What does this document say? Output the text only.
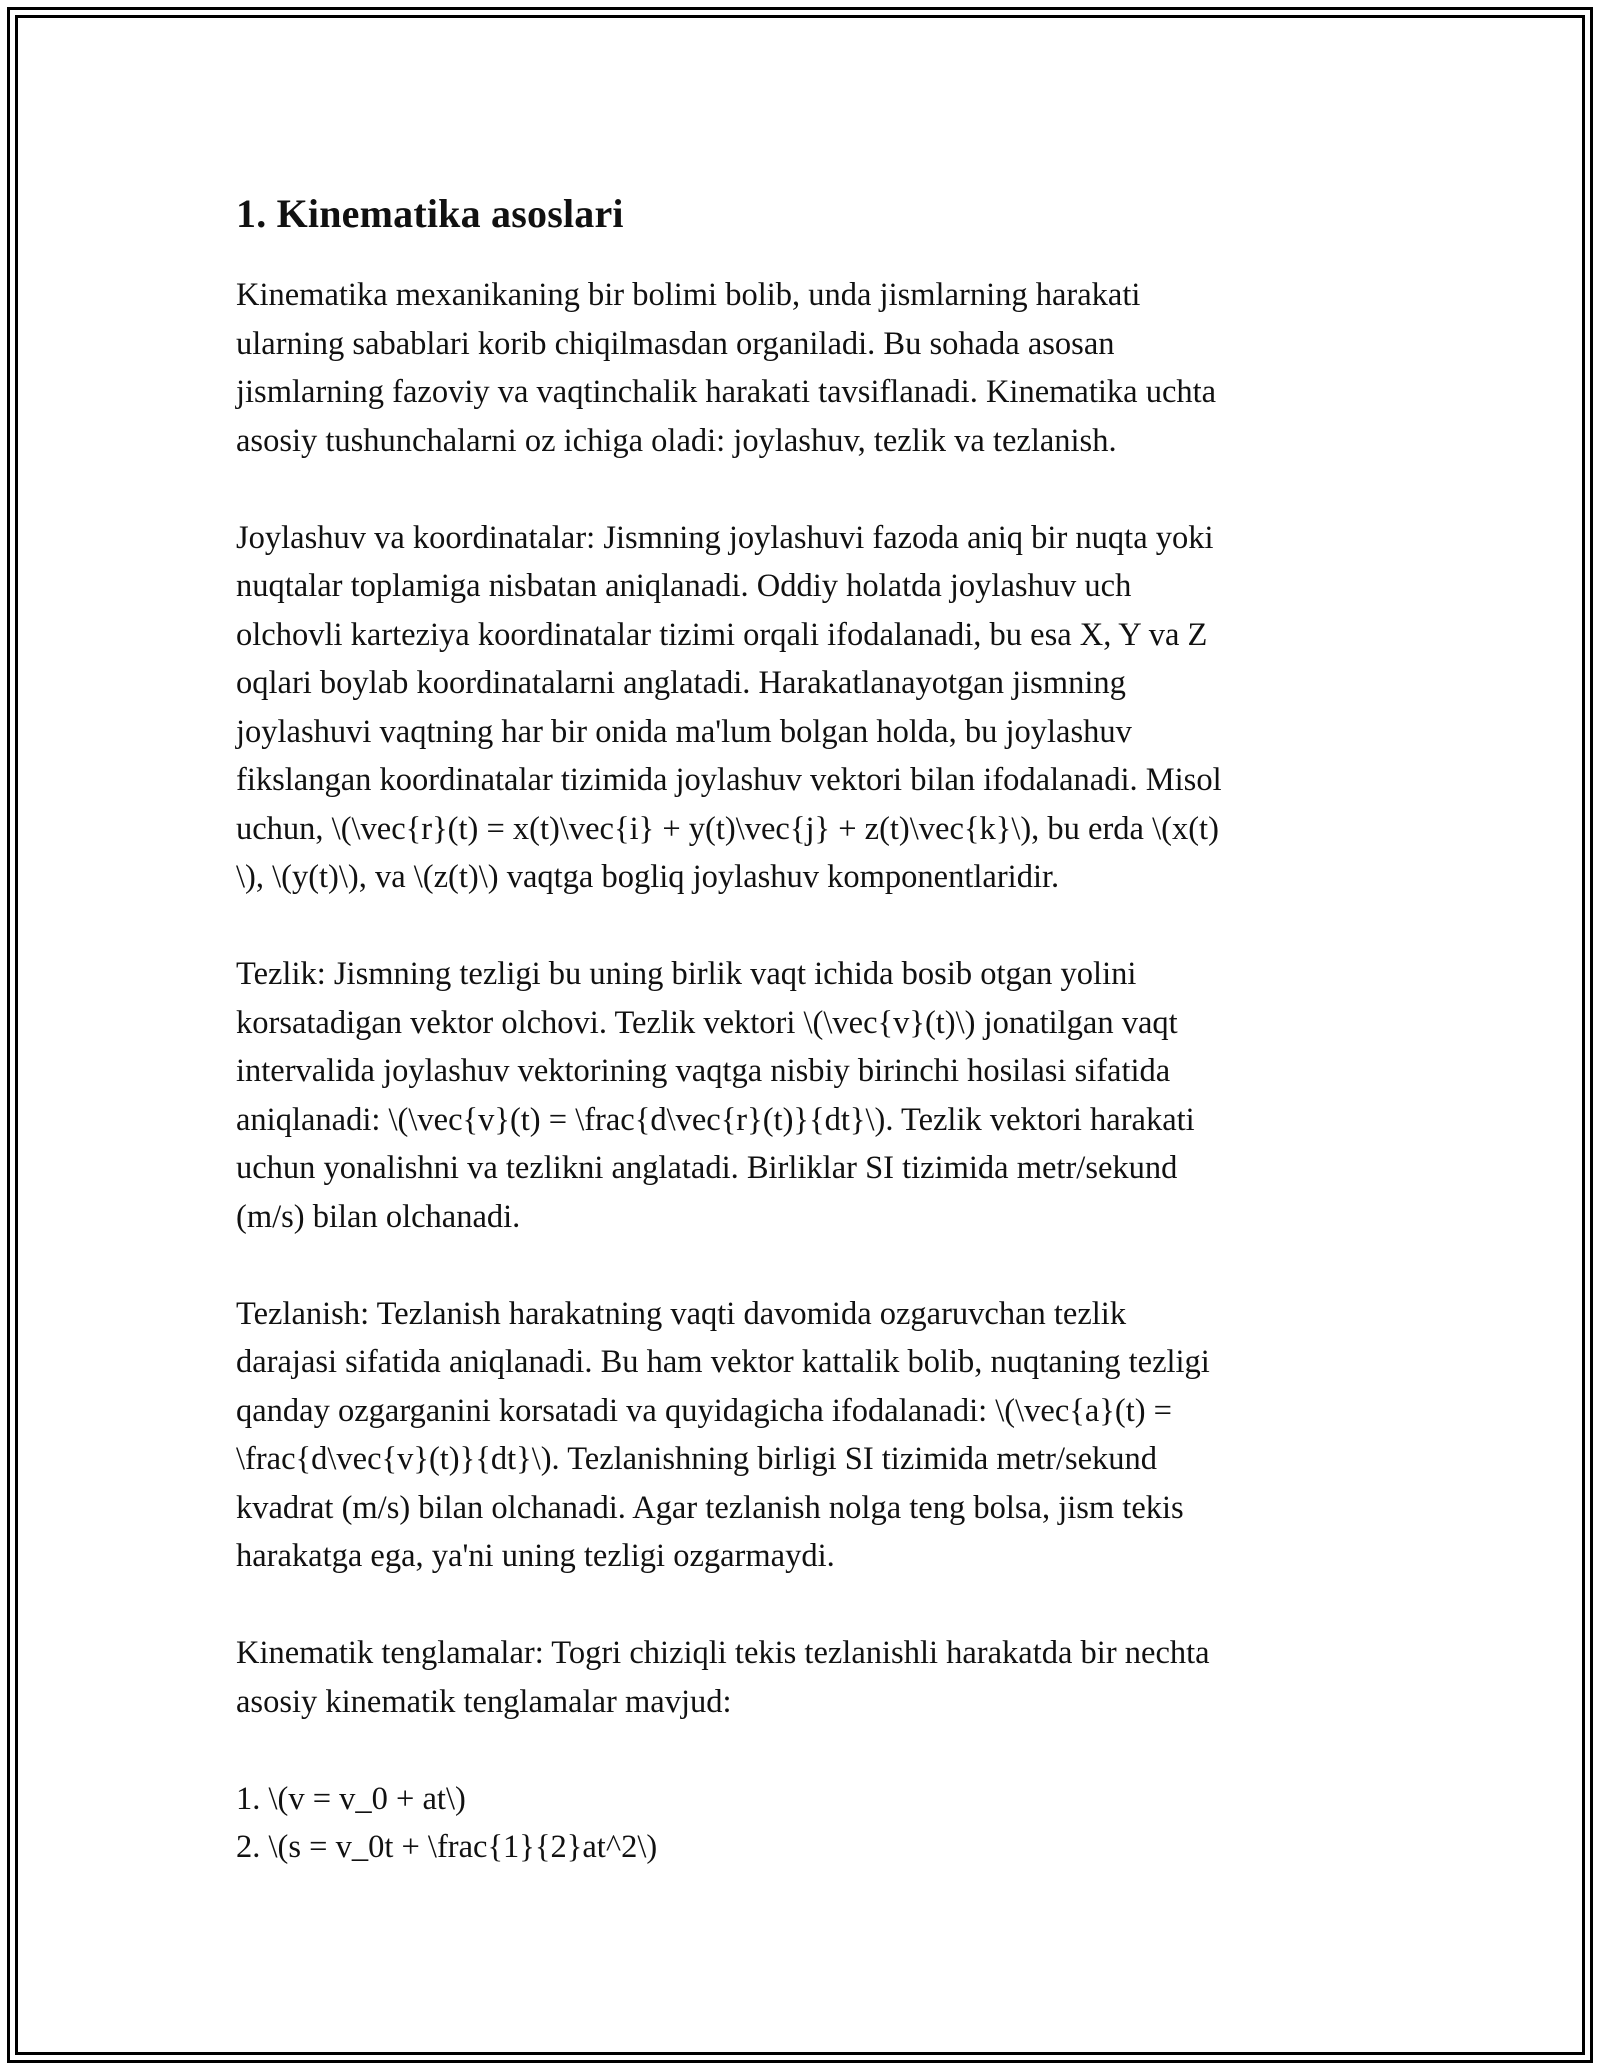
1. Kinematika asoslari

Kinematika mexanikaning bir bolimi bolib, unda jismlarning harakati
ularning sabablari korib chiqilmasdan organiladi. Bu sohada asosan
jismlarning fazoviy va vaqtinchalik harakati tavsiflanadi. Kinematika uchta
asosiy tushunchalarni oz ichiga oladi: joylashuv, tezlik va tezlanish.

Joylashuv va koordinatalar: Jismning joylashuvi fazoda aniq bir nuqta yoki
nuqtalar toplamiga nisbatan aniqlanadi. Oddiy holatda joylashuv uch
olchovli karteziya koordinatalar tizimi orqali ifodalanadi, bu esa X, Y va Z
oqlari boylab koordinatalarni anglatadi. Harakatlanayotgan jismning
joylashuvi vaqtning har bir onida ma'lum bolgan holda, bu joylashuv
fikslangan koordinatalar tizimida joylashuv vektori bilan ifodalanadi. Misol
uchun, \(\vec{r}(t) = x(t)\vec{i} + y(t)\vec{j} + z(t)\vec{k}\), bu erda \(x(t)
\), \(y(t)\), va \(z(t)\) vaqtga bogliq joylashuv komponentlaridir.

Tezlik: Jismning tezligi bu uning birlik vaqt ichida bosib otgan yolini
korsatadigan vektor olchovi. Tezlik vektori \(\vec{v}(t)\) jonatilgan vaqt
intervalida joylashuv vektorining vaqtga nisbiy birinchi hosilasi sifatida
aniqlanadi: \(\vec{v}(t) = \frac{d\vec{r}(t)}{dt}\). Tezlik vektori harakati
uchun yonalishni va tezlikni anglatadi. Birliklar SI tizimida metr/sekund
(m/s) bilan olchanadi.

Tezlanish: Tezlanish harakatning vaqti davomida ozgaruvchan tezlik
darajasi sifatida aniqlanadi. Bu ham vektor kattalik bolib, nuqtaning tezligi
qanday ozgarganini korsatadi va quyidagicha ifodalanadi: \(\vec{a}(t) =
\frac{d\vec{v}(t)}{dt}\). Tezlanishning birligi SI tizimida metr/sekund
kvadrat (m/s) bilan olchanadi. Agar tezlanish nolga teng bolsa, jism tekis
harakatga ega, ya'ni uning tezligi ozgarmaydi.

Kinematik tenglamalar: Togri chiziqli tekis tezlanishli harakatda bir nechta
asosiy kinematik tenglamalar mavjud:

1. \(v = v_0 + at\)
2. \(s = v_0t + \frac{1}{2}at^2\)
